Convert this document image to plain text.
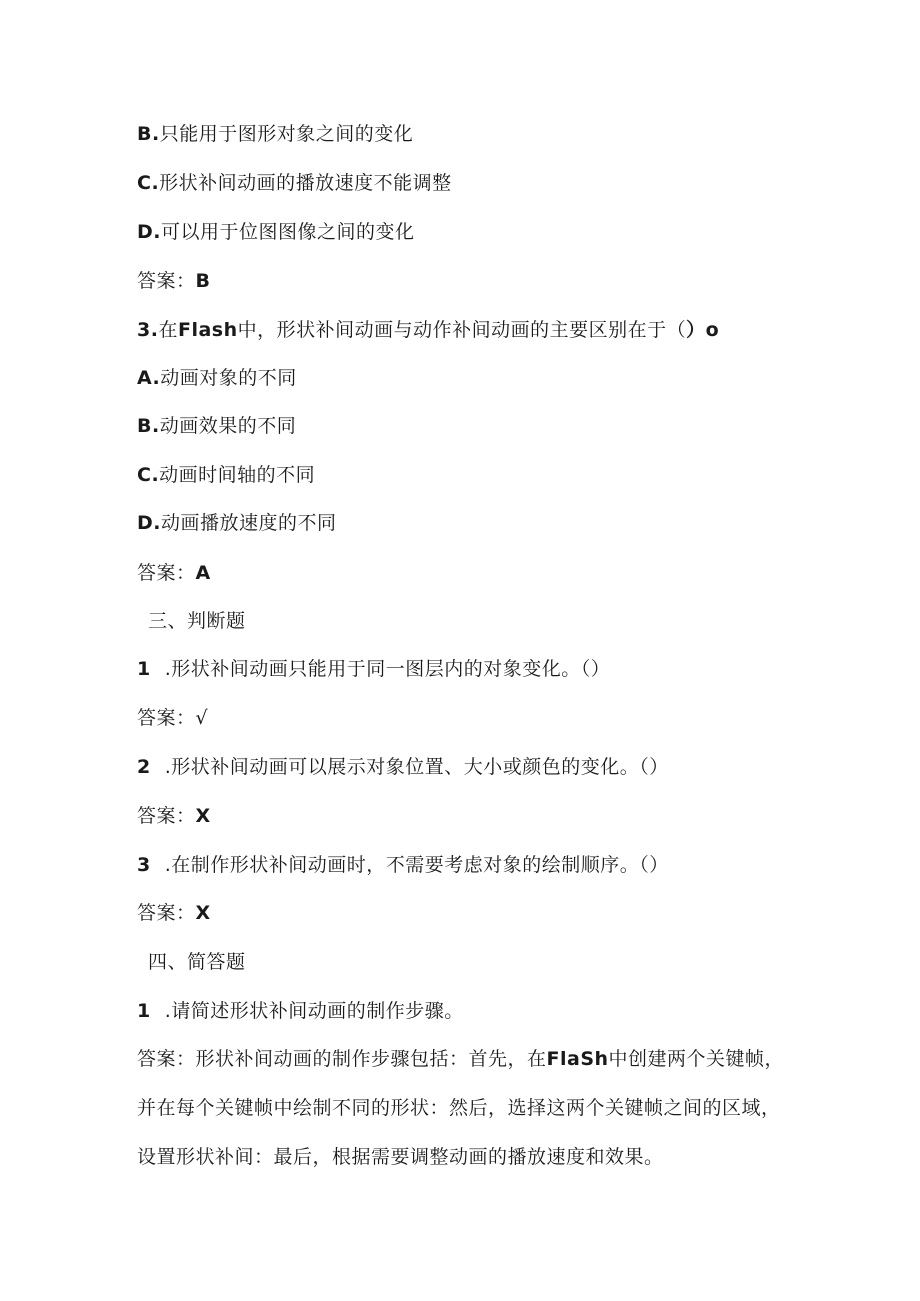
B.只能用于图形对象之间的变化
C.形状补间动画的播放速度不能调整
D.可以用于位图图像之间的变化
答案：B
3.在Flash中，形状补间动画与动作补间动画的主要区别在于（）o
A.动画对象的不同
B.动画效果的不同
C.动画时间轴的不同
D.动画播放速度的不同
答案：A
三、判断题
1 .形状补间动画只能用于同一图层内的对象变化。（）
答案：√
2 .形状补间动画可以展示对象位置、大小或颜色的变化。（）
答案：X
3 .在制作形状补间动画时，不需要考虑对象的绘制顺序。（）
答案：X
四、简答题
1 .请简述形状补间动画的制作步骤。
答案：形状补间动画的制作步骤包括：首先，在FlaSh中创建两个关键帧，
并在每个关键帧中绘制不同的形状：然后，选择这两个关键帧之间的区域，
设置形状补间：最后，根据需要调整动画的播放速度和效果。
